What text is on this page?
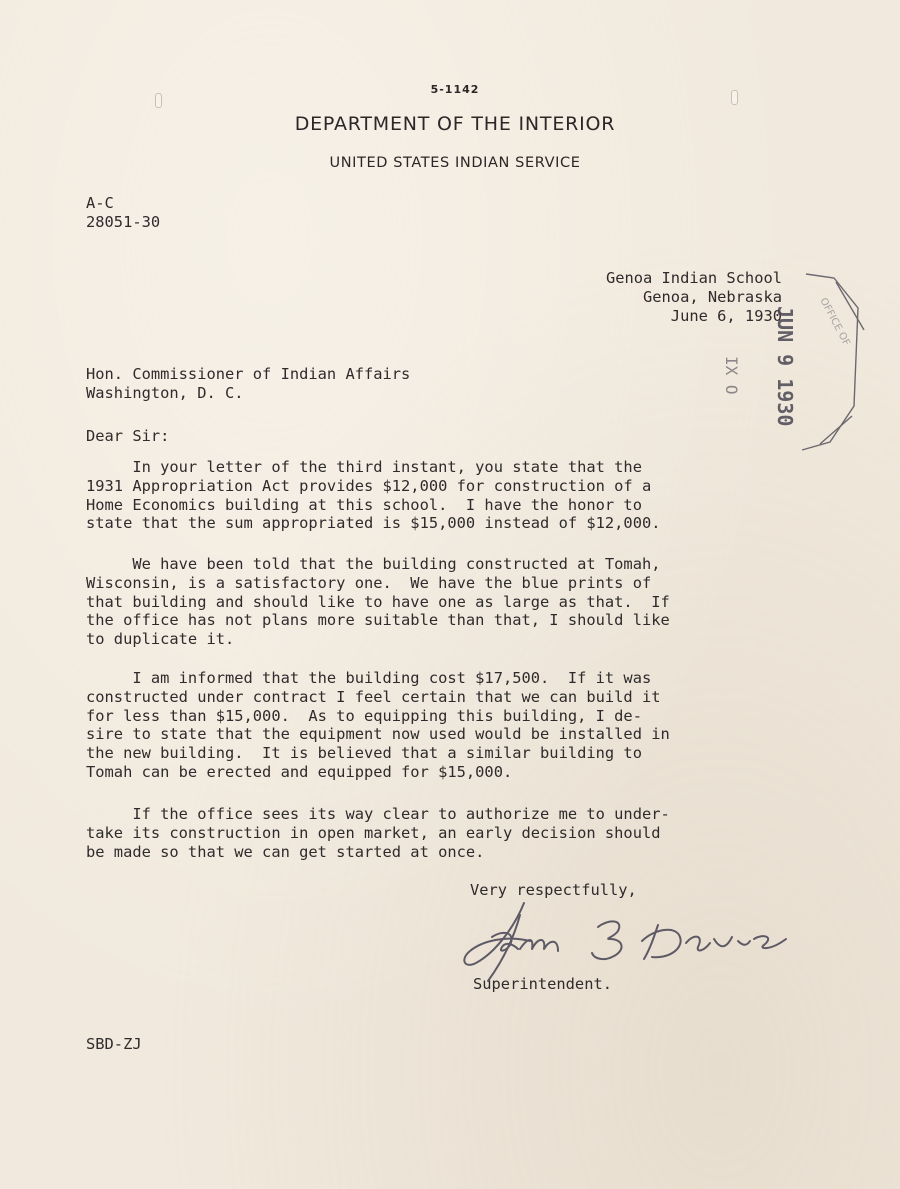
5-1142
DEPARTMENT OF THE INTERIOR
UNITED STATES INDIAN SERVICE
A-C
28051-30
Genoa Indian School
Genoa, Nebraska
June 6, 1930
JUN 9 1930 OFFICE OF
IX O
Hon. Commissioner of Indian Affairs
Washington, D. C.
Dear Sir:
In your letter of the third instant, you state that the
1931 Appropriation Act provides $12,000 for construction of a
Home Economics building at this school.  I have the honor to
state that the sum appropriated is $15,000 instead of $12,000.
We have been told that the building constructed at Tomah,
Wisconsin, is a satisfactory one.  We have the blue prints of
that building and should like to have one as large as that.  If
the office has not plans more suitable than that, I should like
to duplicate it.
I am informed that the building cost $17,500.  If it was
constructed under contract I feel certain that we can build it
for less than $15,000.  As to equipping this building, I de-
sire to state that the equipment now used would be installed in
the new building.  It is believed that a similar building to
Tomah can be erected and equipped for $15,000.
If the office sees its way clear to authorize me to under-
take its construction in open market, an early decision should
be made so that we can get started at once.
Very respectfully,
Superintendent.
SBD-ZJ
